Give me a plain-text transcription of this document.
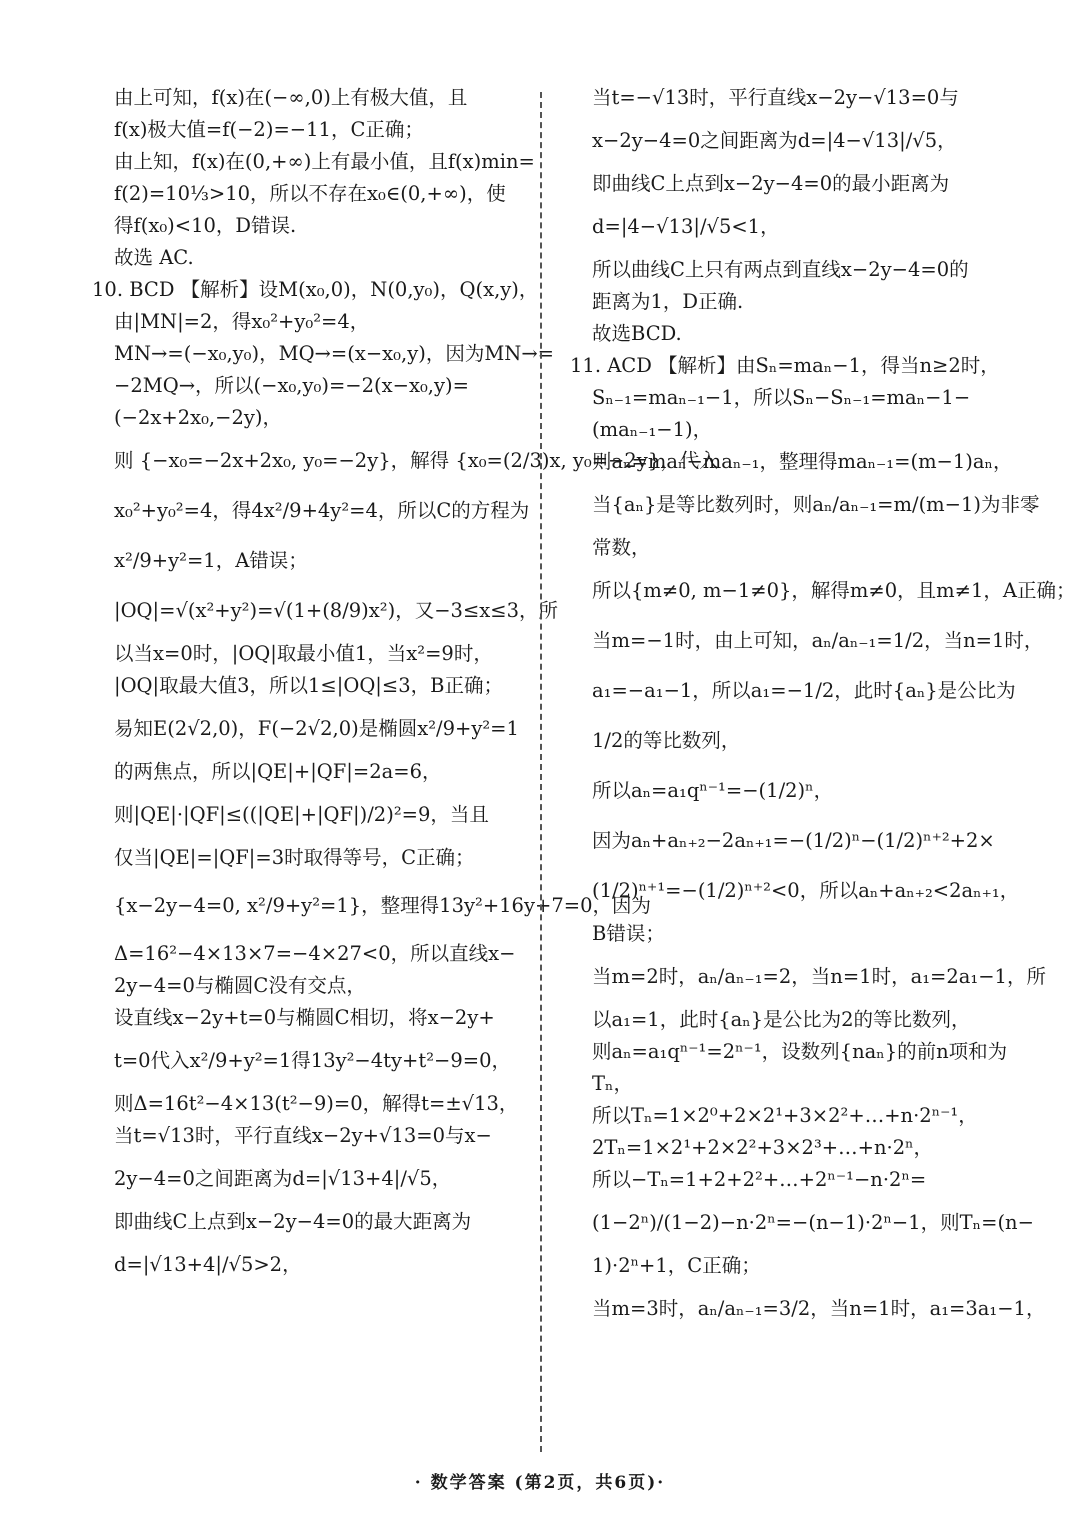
由上可知，f(x)在(−∞,0)上有极大值，且
f(x)极大值=f(−2)=−11，C正确；
由上知，f(x)在(0,+∞)上有最小值，且f(x)min=
f(2)=10⅓>10，所以不存在x₀∈(0,+∞)，使
得f(x₀)<10，D错误.
故选 AC.
10. BCD 【解析】设M(x₀,0)，N(0,y₀)，Q(x,y)，
由|MN|=2，得x₀²+y₀²=4，
MN→=(−x₀,y₀)，MQ→=(x−x₀,y)，因为MN→=
−2MQ→，所以(−x₀,y₀)=−2(x−x₀,y)=
(−2x+2x₀,−2y)，
则 {−x₀=−2x+2x₀, y₀=−2y}，解得 {x₀=(2/3)x, y₀=−2y}，代入
x₀²+y₀²=4，得4x²/9+4y²=4，所以C的方程为
x²/9+y²=1，A错误；
|OQ|=√(x²+y²)=√(1+(8/9)x²)，又−3≤x≤3，所
以当x=0时，|OQ|取最小值1，当x²=9时，
|OQ|取最大值3，所以1≤|OQ|≤3，B正确；
易知E(2√2,0)，F(−2√2,0)是椭圆x²/9+y²=1
的两焦点，所以|QE|+|QF|=2a=6，
则|QE|·|QF|≤((|QE|+|QF|)/2)²=9，当且
仅当|QE|=|QF|=3时取得等号，C正确；
{x−2y−4=0, x²/9+y²=1}，整理得13y²+16y+7=0，因为
Δ=16²−4×13×7=−4×27<0，所以直线x−
2y−4=0与椭圆C没有交点，
设直线x−2y+t=0与椭圆C相切，将x−2y+
t=0代入x²/9+y²=1得13y²−4ty+t²−9=0，
则Δ=16t²−4×13(t²−9)=0，解得t=±√13，
当t=√13时，平行直线x−2y+√13=0与x−
2y−4=0之间距离为d=|√13+4|/√5，
即曲线C上点到x−2y−4=0的最大距离为
d=|√13+4|/√5>2，
当t=−√13时，平行直线x−2y−√13=0与
x−2y−4=0之间距离为d=|4−√13|/√5，
即曲线C上点到x−2y−4=0的最小距离为
d=|4−√13|/√5<1，
所以曲线C上只有两点到直线x−2y−4=0的
距离为1，D正确.
故选BCD.
11. ACD 【解析】由Sₙ=maₙ−1，得当n≥2时，
Sₙ₋₁=maₙ₋₁−1，所以Sₙ−Sₙ₋₁=maₙ−1−
(maₙ₋₁−1)，
则aₙ=maₙ−maₙ₋₁，整理得maₙ₋₁=(m−1)aₙ，
当{aₙ}是等比数列时，则aₙ/aₙ₋₁=m/(m−1)为非零
常数，
所以{m≠0, m−1≠0}，解得m≠0，且m≠1，A正确；
当m=−1时，由上可知，aₙ/aₙ₋₁=1/2，当n=1时，
a₁=−a₁−1，所以a₁=−1/2，此时{aₙ}是公比为
1/2的等比数列，
所以aₙ=a₁qⁿ⁻¹=−(1/2)ⁿ，
因为aₙ+aₙ₊₂−2aₙ₊₁=−(1/2)ⁿ−(1/2)ⁿ⁺²+2×
(1/2)ⁿ⁺¹=−(1/2)ⁿ⁺²<0，所以aₙ+aₙ₊₂<2aₙ₊₁，
B错误；
当m=2时，aₙ/aₙ₋₁=2，当n=1时，a₁=2a₁−1，所
以a₁=1，此时{aₙ}是公比为2的等比数列，
则aₙ=a₁qⁿ⁻¹=2ⁿ⁻¹，设数列{naₙ}的前n项和为
Tₙ，
所以Tₙ=1×2⁰+2×2¹+3×2²+…+n·2ⁿ⁻¹，
2Tₙ=1×2¹+2×2²+3×2³+…+n·2ⁿ，
所以−Tₙ=1+2+2²+…+2ⁿ⁻¹−n·2ⁿ=
(1−2ⁿ)/(1−2)−n·2ⁿ=−(n−1)·2ⁿ−1，则Tₙ=(n−
1)·2ⁿ+1，C正确；
当m=3时，aₙ/aₙ₋₁=3/2，当n=1时，a₁=3a₁−1，
· 数学答案 (第2页，共6页)·
